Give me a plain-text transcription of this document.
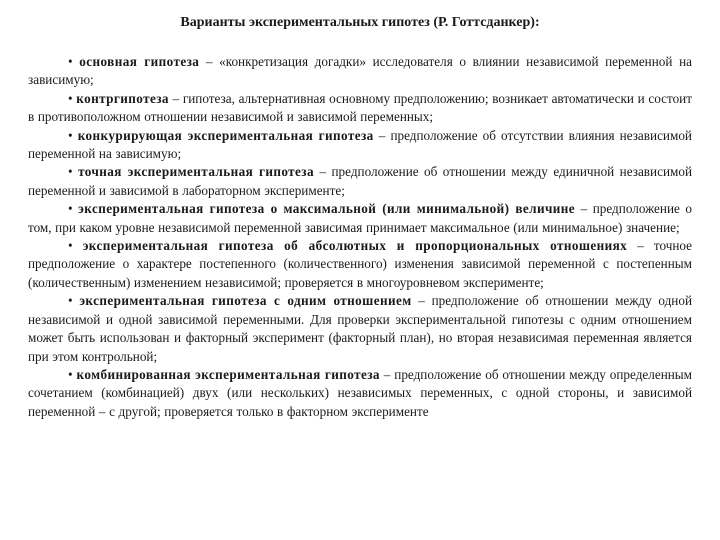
Варианты экспериментальных гипотез (Р. Готтсданкер):

• основная гипотеза – «конкретизация догадки» исследователя о влиянии независимой переменной на зависимую;

• контргипотеза – гипотеза, альтернативная основному предположению; возникает автоматически и состоит в противоположном отношении независимой и зависимой переменных;

• конкурирующая экспериментальная гипотеза – предположение об отсутствии влияния независимой переменной на зависимую;

• точная экспериментальная гипотеза – предположение об отношении между единичной независимой переменной и зависимой в лабораторном эксперименте;

• экспериментальная гипотеза о максимальной (или минимальной) величине – предположение о том, при каком уровне независимой переменной зависимая принимает максимальное (или минимальное) значение;

• экспериментальная гипотеза об абсолютных и пропорциональных отношениях – точное предположение о характере постепенного (количественного) изменения зависимой переменной с постепенным (количественным) изменением независимой; проверяется в многоуровневом эксперименте;

• экспериментальная гипотеза с одним отношением – предположение об отношении между одной независимой и одной зависимой переменными. Для проверки экспериментальной гипотезы с одним отношением может быть использован и факторный эксперимент (факторный план), но вторая независимая переменная является при этом контрольной;

• комбинированная экспериментальная гипотеза – предположение об отношении между определенным сочетанием (комбинацией) двух (или нескольких) независимых переменных, с одной стороны, и зависимой переменной – с другой; проверяется только в факторном эксперименте
